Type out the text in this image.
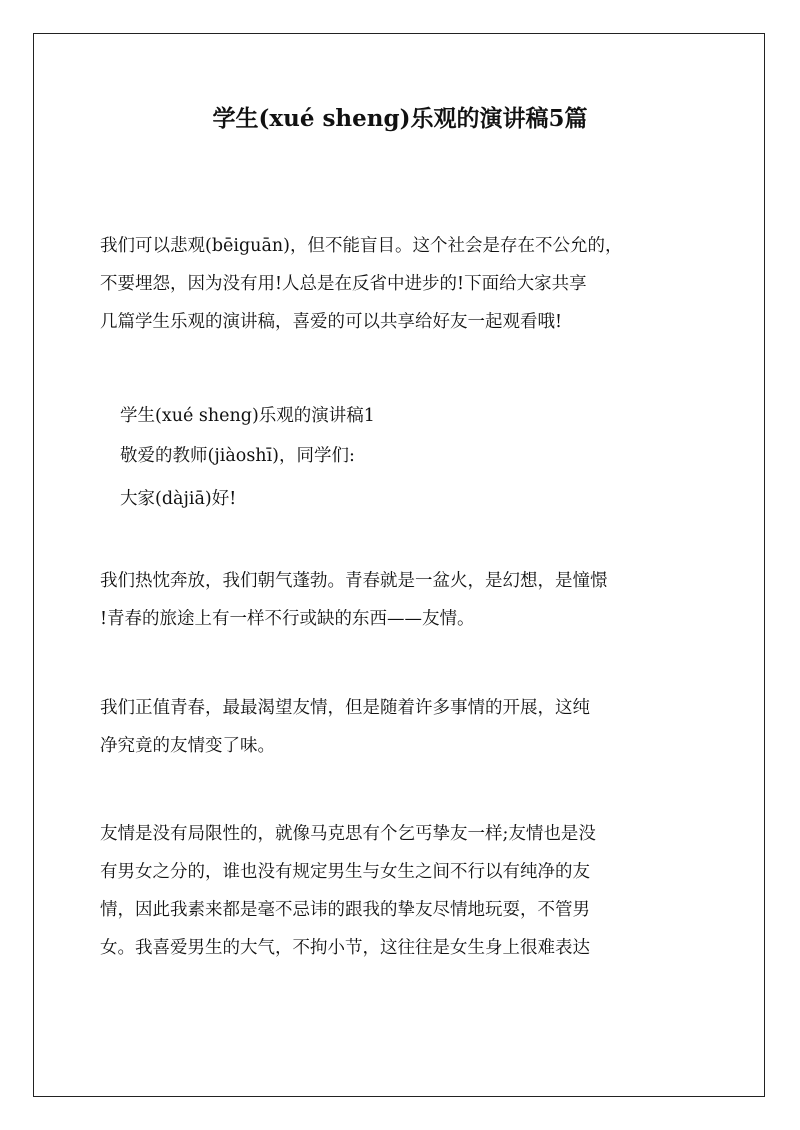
学生(xué sheng)乐观的演讲稿5篇
我们可以悲观(bēiguān)，但不能盲目。这个社会是存在不公允的，
不要埋怨，因为没有用!人总是在反省中进步的!下面给大家共享
几篇学生乐观的演讲稿，喜爱的可以共享给好友一起观看哦!
学生(xué sheng)乐观的演讲稿1
敬爱的教师(jiàoshī)，同学们:
大家(dàjiā)好!
我们热忱奔放，我们朝气蓬勃。青春就是一盆火，是幻想，是憧憬
!青春的旅途上有一样不行或缺的东西——友情。
我们正值青春，最最渴望友情，但是随着许多事情的开展，这纯
净究竟的友情变了味。
友情是没有局限性的，就像马克思有个乞丐挚友一样;友情也是没
有男女之分的，谁也没有规定男生与女生之间不行以有纯净的友
情，因此我素来都是毫不忌讳的跟我的挚友尽情地玩耍，不管男
女。我喜爱男生的大气，不拘小节，这往往是女生身上很难表达
